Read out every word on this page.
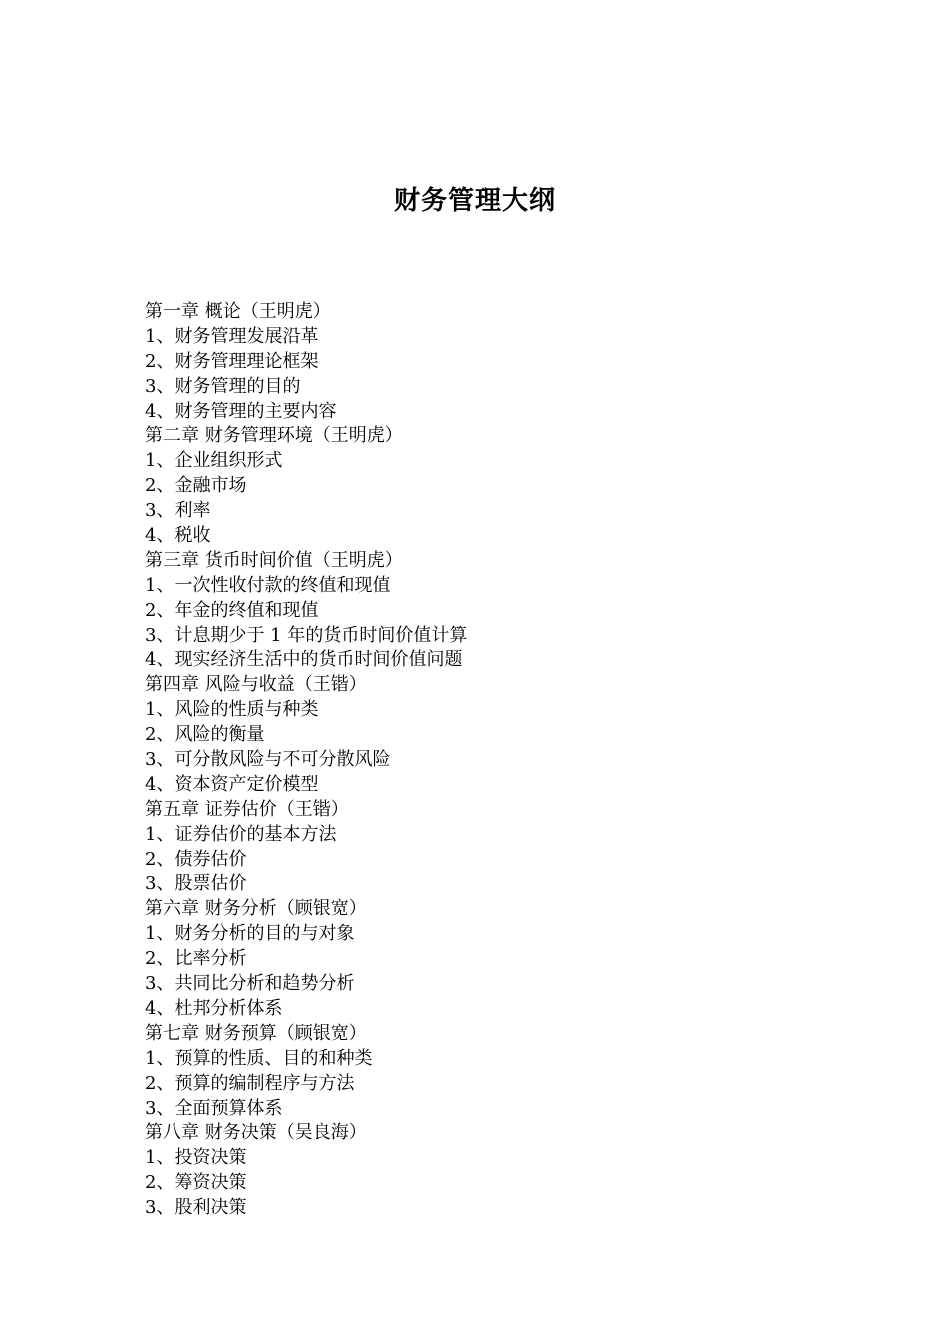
财务管理大纲
第一章 概论（王明虎）
1、财务管理发展沿革
2、财务管理理论框架
3、财务管理的目的
4、财务管理的主要内容
第二章 财务管理环境（王明虎）
1、企业组织形式
2、金融市场
3、利率
4、税收
第三章 货币时间价值（王明虎）
1、一次性收付款的终值和现值
2、年金的终值和现值
3、计息期少于 1 年的货币时间价值计算
4、现实经济生活中的货币时间价值问题
第四章 风险与收益（王锴）
1、风险的性质与种类
2、风险的衡量
3、可分散风险与不可分散风险
4、资本资产定价模型
第五章 证券估价（王锴）
1、证券估价的基本方法
2、债券估价
3、股票估价
第六章 财务分析（顾银宽）
1、财务分析的目的与对象
2、比率分析
3、共同比分析和趋势分析
4、杜邦分析体系
第七章 财务预算（顾银宽）
1、预算的性质、目的和种类
2、预算的编制程序与方法
3、全面预算体系
第八章 财务决策（吴良海）
1、投资决策
2、筹资决策
3、股利决策
